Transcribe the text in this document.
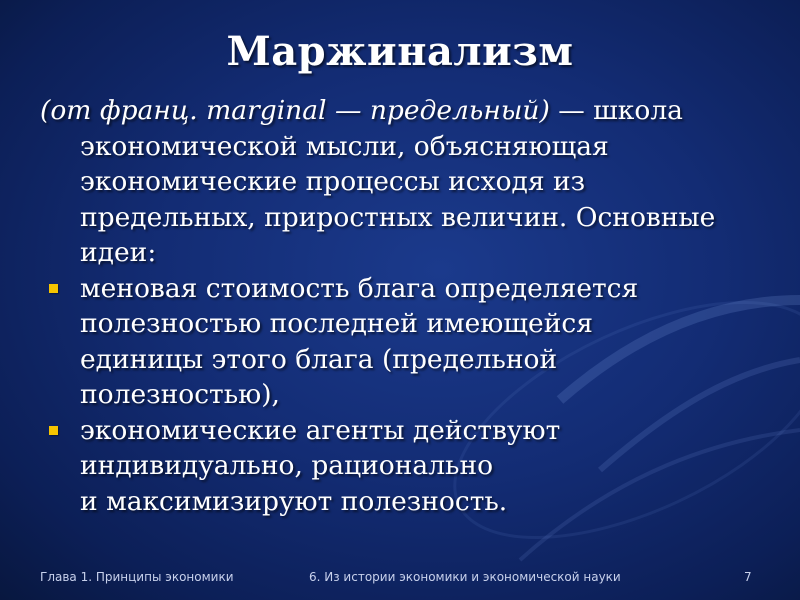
Маржинализм

(от франц. marginal — предельный) — школа
экономической мысли, объясняющая
экономические процессы исходя из
предельных, приростных величин. Основные
идеи:

меновая стоимость блага определяется
полезностью последней имеющейся
единицы этого блага (предельной
полезностью),
экономические агенты действуют
индивидуально, рационально
и максимизируют полезность.
Глава 1. Принципы экономики	6. Из истории экономики и экономической науки	7
